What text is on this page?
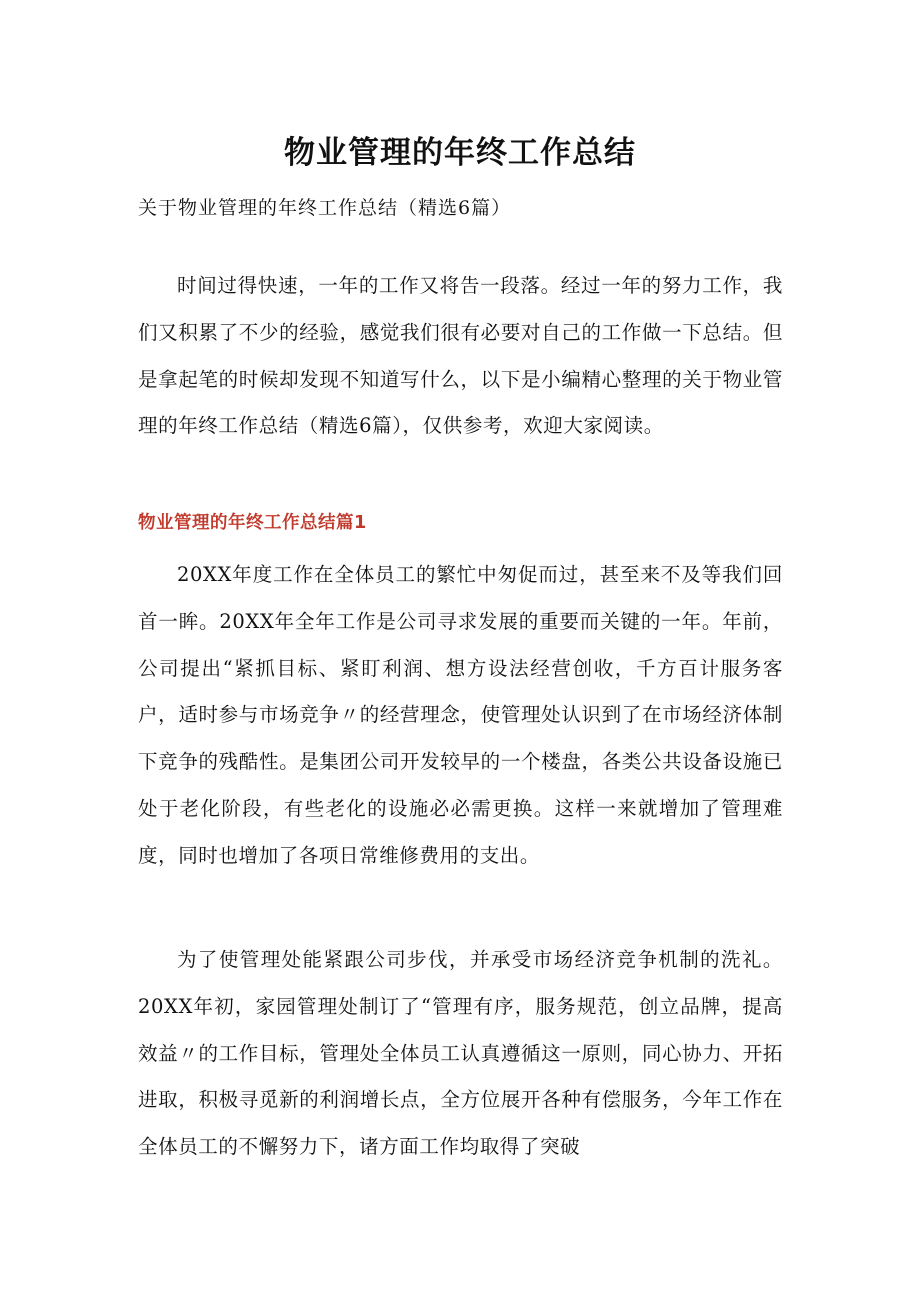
物业管理的年终工作总结
关于物业管理的年终工作总结（精选6篇）

时间过得快速，一年的工作又将告一段落。经过一年的努力工作，我们又积累了不少的经验，感觉我们很有必要对自己的工作做一下总结。但是拿起笔的时候却发现不知道写什么，以下是小编精心整理的关于物业管理的年终工作总结（精选6篇），仅供参考，欢迎大家阅读。

物业管理的年终工作总结篇1

20XX年度工作在全体员工的繁忙中匆促而过，甚至来不及等我们回首一眸。20XX年全年工作是公司寻求发展的重要而关键的一年。年前，公司提出“紧抓目标、紧盯利润、想方设法经营创收，千方百计服务客户，适时参与市场竞争〃的经营理念，使管理处认识到了在市场经济体制下竞争的残酷性。是集团公司开发较早的一个楼盘，各类公共设备设施已处于老化阶段，有些老化的设施必必需更换。这样一来就增加了管理难度，同时也增加了各项日常维修费用的支出。

为了使管理处能紧跟公司步伐，并承受市场经济竞争机制的洗礼。20XX年初，家园管理处制订了“管理有序，服务规范，创立品牌，提高效益〃的工作目标，管理处全体员工认真遵循这一原则，同心协力、开拓进取，积极寻觅新的利润增长点，全方位展开各种有偿服务，今年工作在全体员工的不懈努力下，诸方面工作均取得了突破
